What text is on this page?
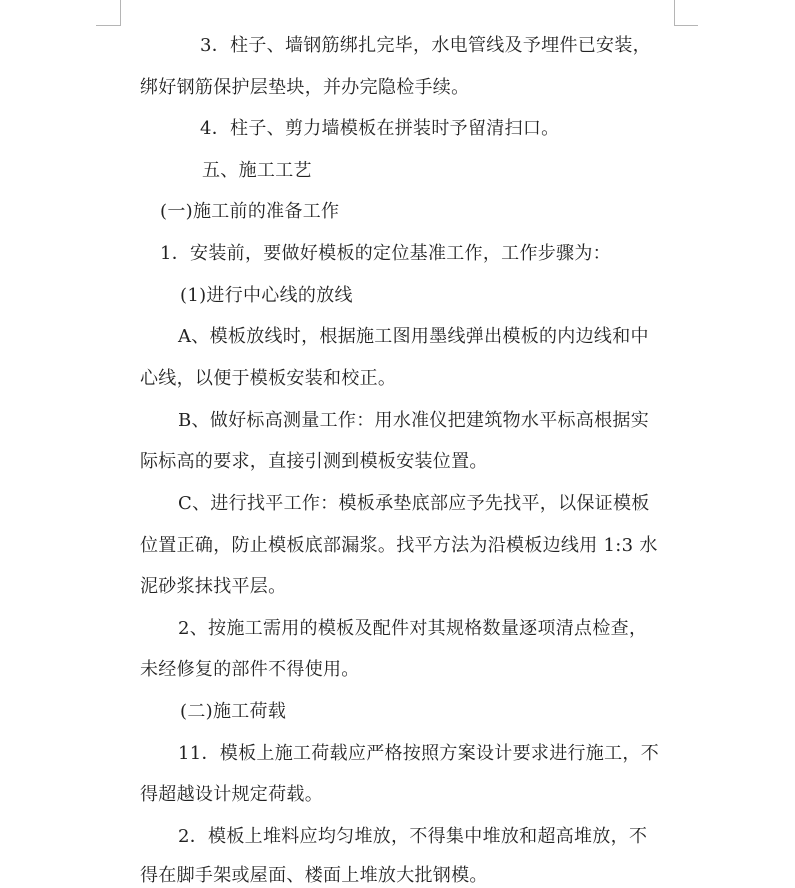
3．柱子、墙钢筋绑扎完毕，水电管线及予埋件已安装，
绑好钢筋保护层垫块，并办完隐检手续。
4．柱子、剪力墙模板在拼装时予留清扫口。
五、施工工艺
(一)施工前的准备工作
1．安装前，要做好模板的定位基准工作，工作步骤为：
(1)进行中心线的放线
A、模板放线时，根据施工图用墨线弹出模板的内边线和中
心线，以便于模板安装和校正。
B、做好标高测量工作：用水准仪把建筑物水平标高根据实
际标高的要求，直接引测到模板安装位置。
C、进行找平工作：模板承垫底部应予先找平，以保证模板
位置正确，防止模板底部漏浆。找平方法为沿模板边线用 1:3 水
泥砂浆抹找平层。
2、按施工需用的模板及配件对其规格数量逐项清点检查，
未经修复的部件不得使用。
(二)施工荷载
11．模板上施工荷载应严格按照方案设计要求进行施工，不
得超越设计规定荷载。
2．模板上堆料应均匀堆放，不得集中堆放和超高堆放，不
得在脚手架或屋面、楼面上堆放大批钢模。
